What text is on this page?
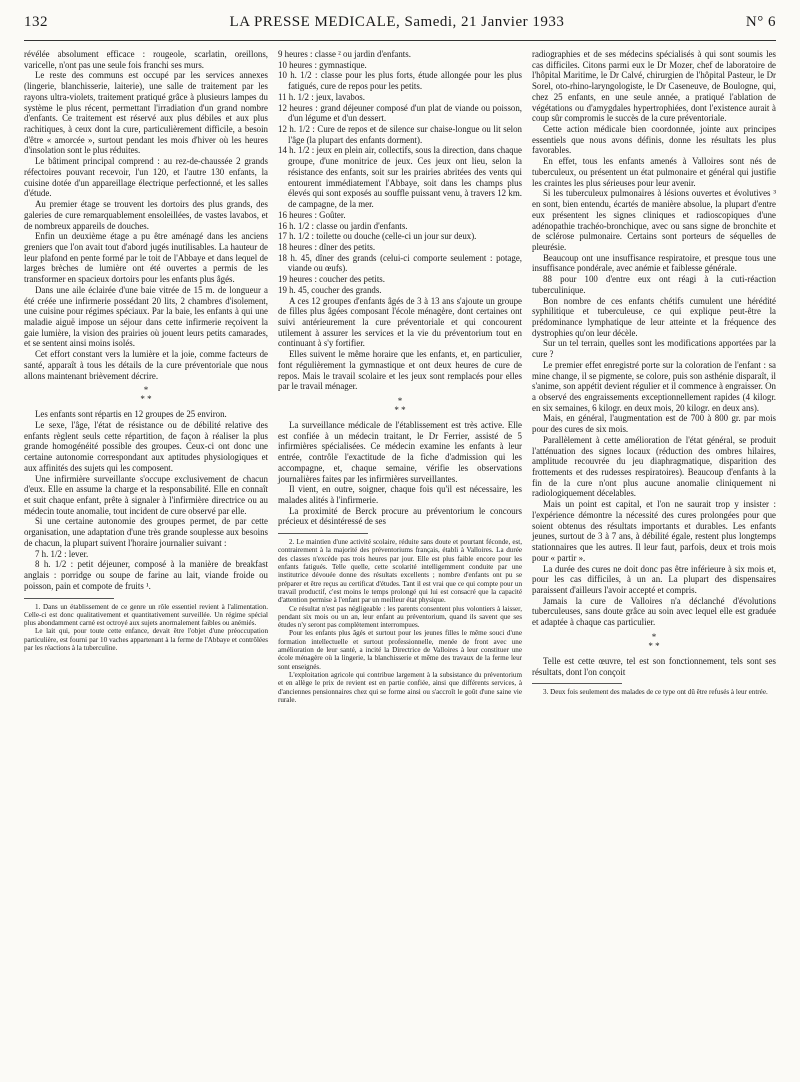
132	LA PRESSE MEDICALE, Samedi, 21 Janvier 1933	N° 6

révélée absolument efficace : rougeole, scarlatin, oreillons, varicelle, n'ont pas une seule fois franchi ses murs.

Le reste des communs est occupé par les services annexes (lingerie, blanchisserie, laiterie), une salle de traitement par les rayons ultra-violets, traitement pratiqué grâce à plusieurs lampes du système le plus récent, permettant l'irradiation d'un grand nombre d'enfants. Ce traitement est réservé aux plus débiles et aux plus rachitiques, à ceux dont la cure, particulièrement difficile, a besoin d'être « amorcée », surtout pendant les mois d'hiver où les heures d'insolation sont le plus réduites.

Le bâtiment principal comprend : au rez-de-chaussée 2 grands réfectoires pouvant recevoir, l'un 120, et l'autre 130 enfants, la cuisine dotée d'un appareillage électrique perfectionné, et les salles d'étude.

Au premier étage se trouvent les dortoirs des plus grands, des galeries de cure remarquablement ensoleillées, de vastes lavabos, et de nombreux appareils de douches.

Enfin un deuxième étage a pu être aménagé dans les anciens greniers que l'on avait tout d'abord jugés inutilisables. La hauteur de leur plafond en pente formé par le toit de l'Abbaye et dans lequel de larges brèches de lumière ont été ouvertes a permis de les transformer en spacieux dortoirs pour les enfants plus âgés.

Dans une aile éclairée d'une baie vitrée de 15 m. de longueur a été créée une infirmerie possédant 20 lits, 2 chambres d'isolement, une cuisine pour régimes spéciaux. Par la baie, les enfants à qui une maladie aiguë impose un séjour dans cette infirmerie reçoivent la gaie lumière, la vision des prairies où jouent leurs petits camarades, et se sentent ainsi moins isolés.

Cet effort constant vers la lumière et la joie, comme facteurs de santé, apparaît à tous les détails de la cure préventoriale que nous allons maintenant brièvement décrire.

*
* *

Les enfants sont répartis en 12 groupes de 25 environ.

Le sexe, l'âge, l'état de résistance ou de débilité relative des enfants règlent seuls cette répartition, de façon à réaliser la plus grande homogénéité possible des groupes. Ceux-ci ont donc une certaine autonomie correspondant aux aptitudes physiologiques et aux affinités des sujets qui les composent.

Une infirmière surveillante s'occupe exclusivement de chacun d'eux. Elle en assume la charge et la responsabilité. Elle en connaît et suit chaque enfant, prête à signaler à l'infirmière directrice ou au médecin toute anomalie, tout incident de cure observé par elle.

Si une certaine autonomie des groupes permet, de par cette organisation, une adaptation d'une très grande souplesse aux besoins de chacun, la plupart suivent l'horaire journalier suivant :

7 h. 1/2 : lever.

8 h. 1/2 : petit déjeuner, composé à la manière de breakfast anglais : porridge ou soupe de farine au lait, viande froide ou poisson, pain et compote de fruits ¹.

1. Dans un établissement de ce genre un rôle essentiel revient à l'alimentation. Celle-ci est donc qualitativement et quantitativement surveillée. Un régime spécial plus abondamment carné est octroyé aux sujets anormalement faibles ou anémiés.

Le lait qui, pour toute cette enfance, devait être l'objet d'une préoccupation particulière, est fourni par 10 vaches appartenant à la ferme de l'Abbaye et contrôlées par les réactions à la tuberculine.

9 heures : classe ² ou jardin d'enfants.

10 heures : gymnastique.

10 h. 1/2 : classe pour les plus forts, étude allongée pour les plus fatigués, cure de repos pour les petits.

11 h. 1/2 : jeux, lavabos.

12 heures : grand déjeuner composé d'un plat de viande ou poisson, d'un légume et d'un dessert.

12 h. 1/2 : Cure de repos et de silence sur chaise-longue ou lit selon l'âge (la plupart des enfants dorment).

14 h. 1/2 : jeux en plein air, collectifs, sous la direction, dans chaque groupe, d'une monitrice de jeux. Ces jeux ont lieu, selon la résistance des enfants, soit sur les prairies abritées des vents qui entourent immédiatement l'Abbaye, soit dans les champs plus élevés qui sont exposés au souffle puissant venu, à travers 12 km. de campagne, de la mer.

16 heures : Goûter.

16 h. 1/2 : classe ou jardin d'enfants.

17 h. 1/2 : toilette ou douche (celle-ci un jour sur deux).

18 heures : dîner des petits.

18 h. 45, dîner des grands (celui-ci comporte seulement : potage, viande ou œufs).

19 heures : coucher des petits.

19 h. 45, coucher des grands.

A ces 12 groupes d'enfants âgés de 3 à 13 ans s'ajoute un groupe de filles plus âgées composant l'école ménagère, dont certaines ont suivi antérieurement la cure préventoriale et qui concourent utilement à assurer les services et la vie du préventorium tout en continuant à s'y fortifier.

Elles suivent le même horaire que les enfants, et, en particulier, font régulièrement la gymnastique et ont deux heures de cure de repos. Mais le travail scolaire et les jeux sont remplacés pour elles par le travail ménager.

*
* *

La surveillance médicale de l'établissement est très active. Elle est confiée à un médecin traitant, le Dr Ferrier, assisté de 5 infirmières spécialisées. Ce médecin examine les enfants à leur entrée, contrôle l'exactitude de la fiche d'admission qui les accompagne, et, chaque semaine, vérifie les observations journalières faites par les infirmières surveillantes.

Il vient, en outre, soigner, chaque fois qu'il est nécessaire, les malades alités à l'infirmerie.

La proximité de Berck procure au préventorium le concours précieux et désintéressé de ses

2. Le maintien d'une activité scolaire, réduite sans doute et pourtant féconde, est, contrairement à la majorité des préventoriums français, établi à Valloires. La durée des classes n'excède pas trois heures par jour. Elle est plus faible encore pour les enfants fatigués. Telle quelle, cette scolarité intelligemment conduite par une institutrice dévouée donne des résultats excellents ; nombre d'enfants ont pu se préparer et être reçus au certificat d'études. Tant il est vrai que ce qui compte pour un travail productif, c'est moins le temps prolongé qui lui est consacré que la capacité d'attention permise à l'enfant par un meilleur état physique.

Ce résultat n'est pas négligeable : les parents consentent plus volontiers à laisser, pendant six mois ou un an, leur enfant au préventorium, quand ils savent que ses études n'y seront pas complètement interrompues.

Pour les enfants plus âgés et surtout pour les jeunes filles le même souci d'une formation intellectuelle et surtout professionnelle, menée de front avec une amélioration de leur santé, a incité la Directrice de Valloires à leur constituer une école ménagère où la lingerie, la blanchisserie et même des travaux de la ferme leur sont enseignés.

L'exploitation agricole qui contribue largement à la subsistance du préventorium et en allège le prix de revient est en partie confiée, ainsi que différents services, à d'anciennes pensionnaires chez qui se forme ainsi ou s'accroît le goût d'une saine vie rurale.

radiographies et de ses médecins spécialisés à qui sont soumis les cas difficiles. Citons parmi eux le Dr Mozer, chef de laboratoire de l'hôpital Maritime, le Dr Calvé, chirurgien de l'hôpital Pasteur, le Dr Sorel, oto-rhino-laryngologiste, le Dr Caseneuve, de Boulogne, qui, chez 25 enfants, en une seule année, a pratiqué l'ablation de végétations ou d'amygdales hypertrophiées, dont l'existence aurait à coup sûr compromis le succès de la cure préventoriale.

Cette action médicale bien coordonnée, jointe aux principes essentiels que nous avons définis, donne les résultats les plus favorables.

En effet, tous les enfants amenés à Valloires sont nés de tuberculeux, ou présentent un état pulmonaire et général qui justifie les craintes les plus sérieuses pour leur avenir.

Si les tuberculeux pulmonaires à lésions ouvertes et évolutives ³ en sont, bien entendu, écartés de manière absolue, la plupart d'entre eux présentent les signes cliniques et radioscopiques d'une adénopathie trachéo-bronchique, avec ou sans signe de bronchite et de sclérose pulmonaire. Certains sont porteurs de séquelles de pleurésie.

Beaucoup ont une insuffisance respiratoire, et presque tous une insuffisance pondérale, avec anémie et faiblesse générale.

88 pour 100 d'entre eux ont réagi à la cuti-réaction tuberculinique.

Bon nombre de ces enfants chétifs cumulent une hérédité syphilitique et tuberculeuse, ce qui explique peut-être la prédominance lymphatique de leur atteinte et la fréquence des dystrophies qu'on leur décèle.

Sur un tel terrain, quelles sont les modifications apportées par la cure ?

Le premier effet enregistré porte sur la coloration de l'enfant : sa mine change, il se pigmente, se colore, puis son asthénie disparaît, il s'anime, son appétit devient régulier et il commence à engraisser. On a observé des engraissements exceptionnellement rapides (4 kilogr. en six semaines, 6 kilogr. en deux mois, 20 kilogr. en deux ans).

Mais, en général, l'augmentation est de 700 à 800 gr. par mois pour des cures de six mois.

Parallèlement à cette amélioration de l'état général, se produit l'atténuation des signes locaux (réduction des ombres hilaires, amplitude recouvrée du jeu diaphragmatique, disparition des frottements et des rudesses respiratoires). Beaucoup d'enfants à la fin de la cure n'ont plus aucune anomalie cliniquement ni radiologiquement décelables.

Mais un point est capital, et l'on ne saurait trop y insister : l'expérience démontre la nécessité des cures prolongées pour que soient obtenus des résultats importants et durables. Les enfants jeunes, surtout de 3 à 7 ans, à débilité égale, restent plus longtemps stationnaires que les autres. Il leur faut, parfois, deux et trois mois pour « partir ».

La durée des cures ne doit donc pas être inférieure à six mois et, pour les cas difficiles, à un an. La plupart des dispensaires paraissent d'ailleurs l'avoir accepté et compris.

Jamais la cure de Valloires n'a déclanché d'évolutions tuberculeuses, sans doute grâce au soin avec lequel elle est graduée et adaptée à chaque cas particulier.

*
* *

Telle est cette œuvre, tel est son fonctionnement, tels sont ses résultats, dont l'on conçoit

3. Deux fois seulement des malades de ce type ont dû être refusés à leur entrée.
